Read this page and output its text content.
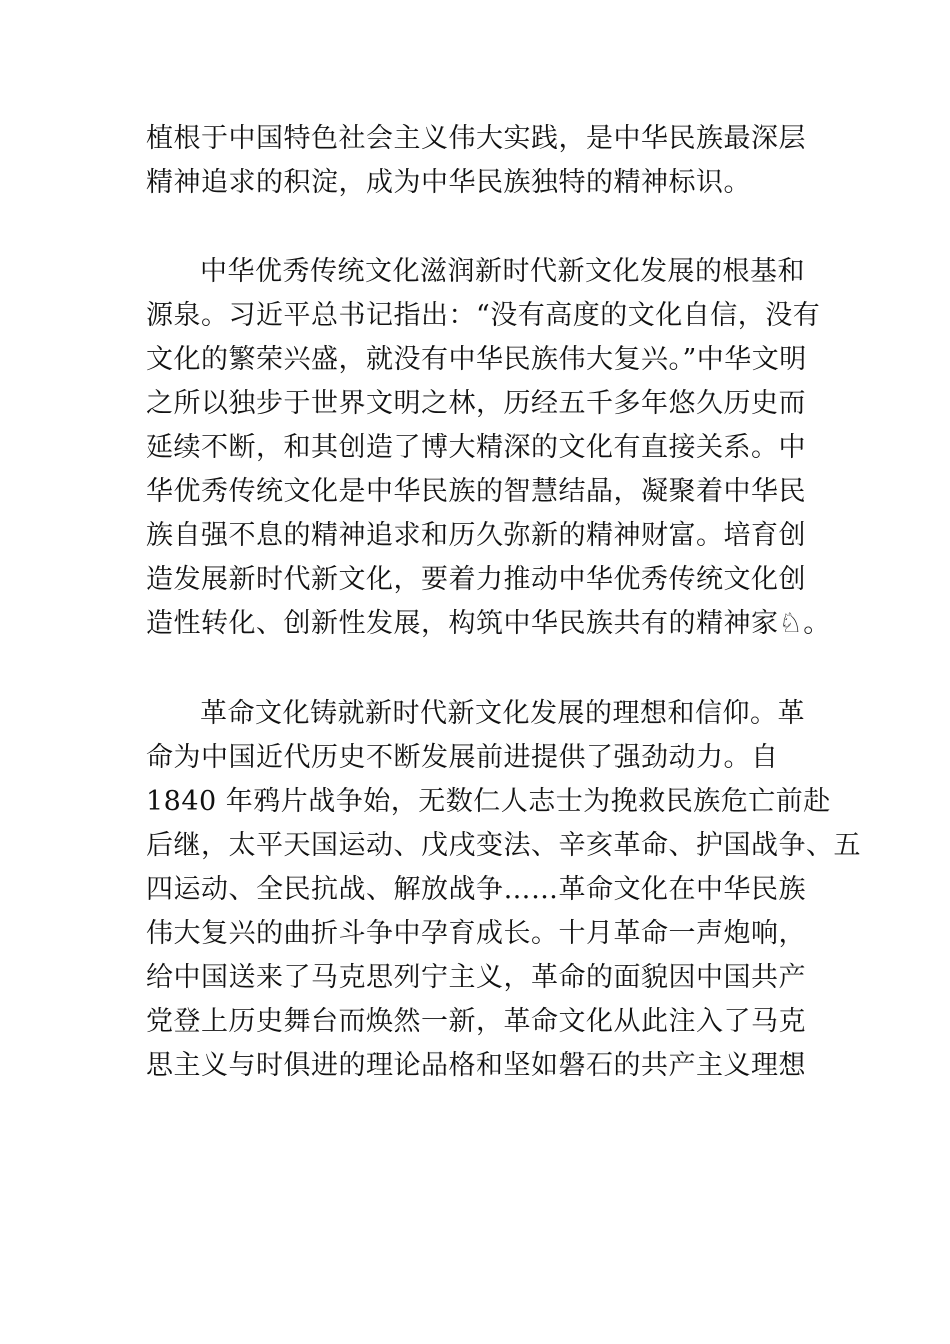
植根于中国特色社会主义伟大实践，是中华民族最深层
精神追求的积淀，成为中华民族独特的精神标识。
中华优秀传统文化滋润新时代新文化发展的根基和
源泉。习近平总书记指出：“没有高度的文化自信，没有
文化的繁荣兴盛，就没有中华民族伟大复兴。”中华文明
之所以独步于世界文明之林，历经五千多年悠久历史而
延续不断，和其创造了博大精深的文化有直接关系。中
华优秀传统文化是中华民族的智慧结晶，凝聚着中华民
族自强不息的精神追求和历久弥新的精神财富。培育创
造发展新时代新文化，要着力推动中华优秀传统文化创
造性转化、创新性发展，构筑中华民族共有的精神家♘。
革命文化铸就新时代新文化发展的理想和信仰。革
命为中国近代历史不断发展前进提供了强劲动力。自
1840 年鸦片战争始，无数仁人志士为挽救民族危亡前赴
后继，太平天国运动、戊戌变法、辛亥革命、护国战争、五
四运动、全民抗战、解放战争……革命文化在中华民族
伟大复兴的曲折斗争中孕育成长。十月革命一声炮响，
给中国送来了马克思列宁主义，革命的面貌因中国共产
党登上历史舞台而焕然一新，革命文化从此注入了马克
思主义与时俱进的理论品格和坚如磐石的共产主义理想
